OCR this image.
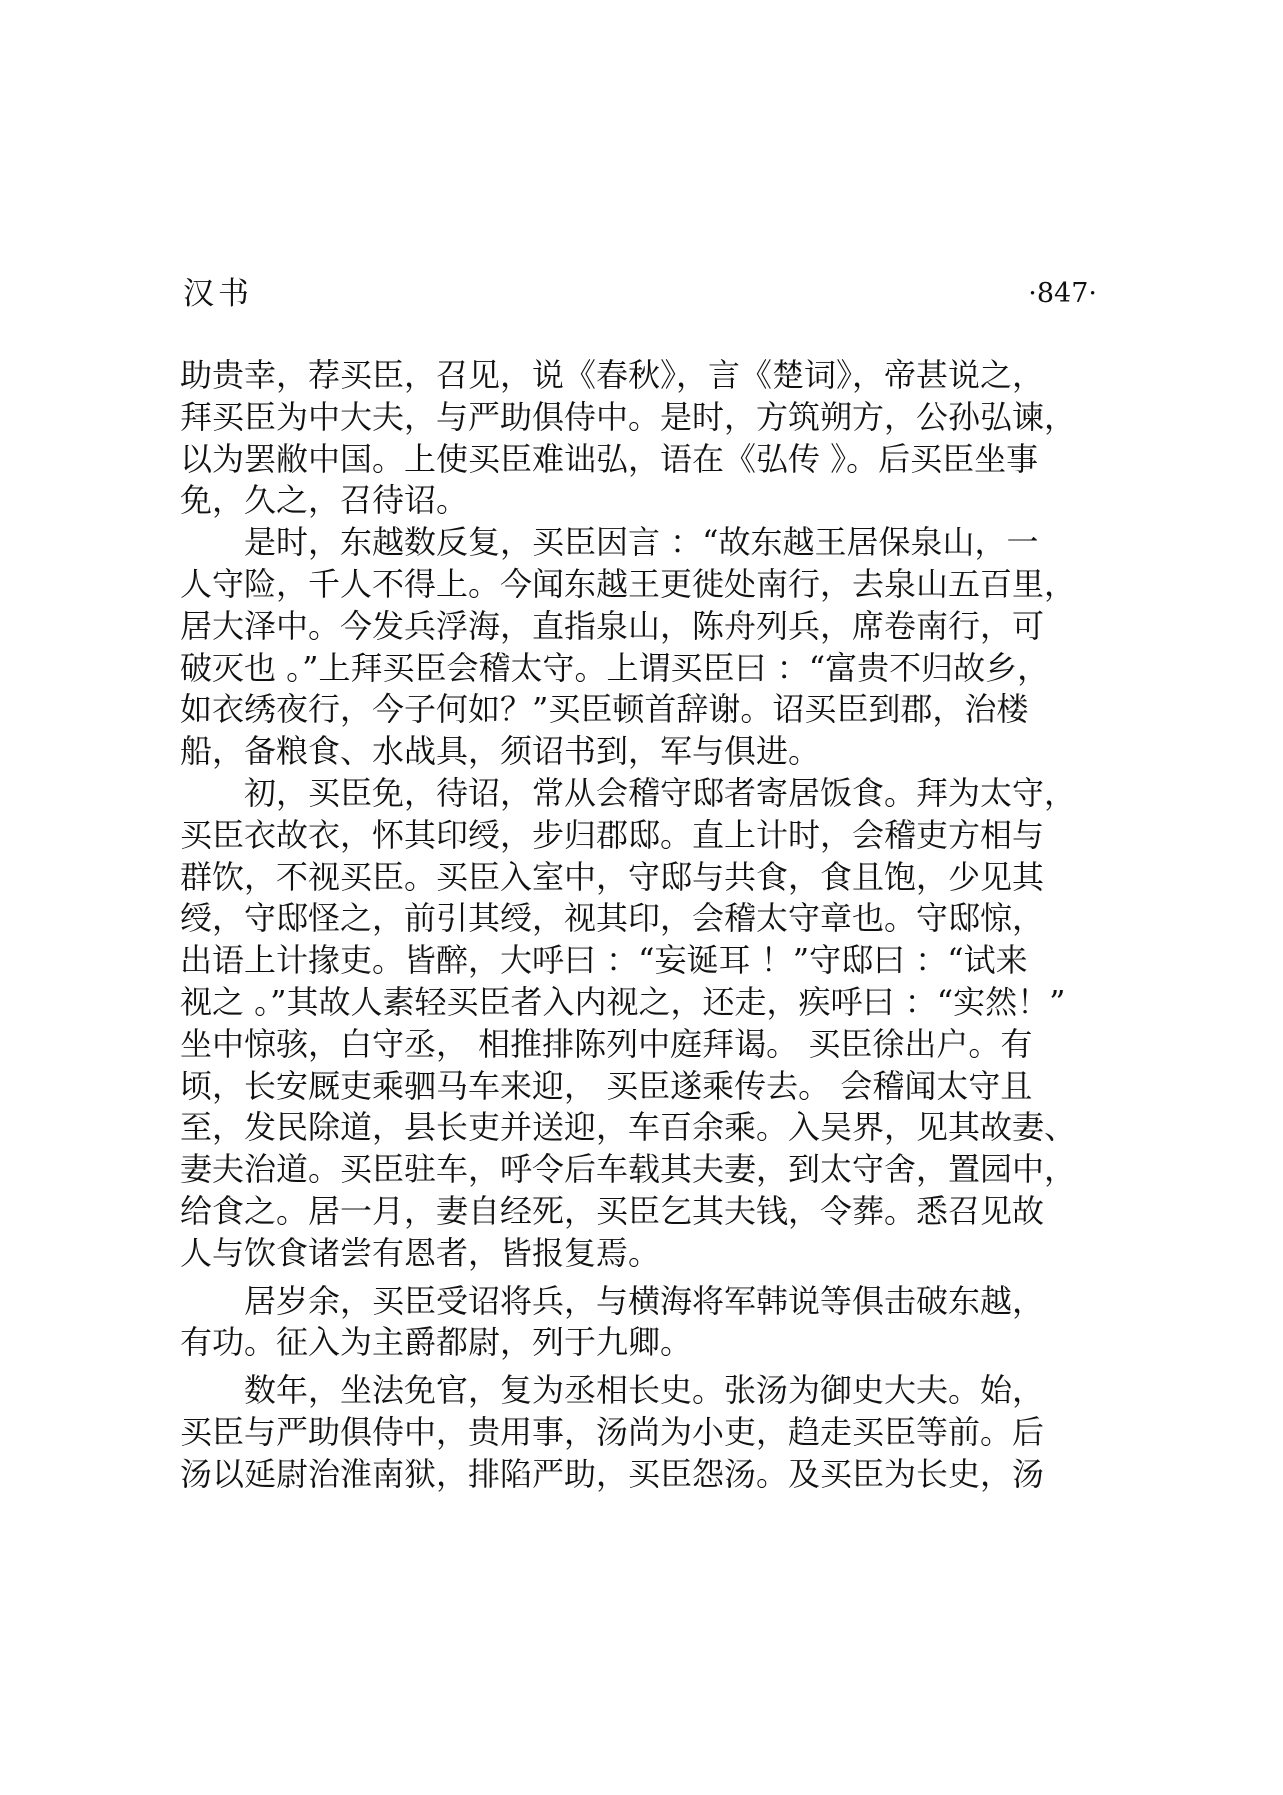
汉书	·847·
助贵幸，荐买臣，召见，说《春秋》，言《楚词》，帝甚说之，
拜买臣为中大夫，与严助俱侍中。是时，方筑朔方，公孙弘谏，
以为罢敝中国。上使买臣难诎弘，语在《弘传 》。后买臣坐事
免，久之，召待诏。
　　是时，东越数反复，买臣因言 ：“故东越王居保泉山，一
人守险，千人不得上。今闻东越王更徙处南行，去泉山五百里，
居大泽中。今发兵浮海，直指泉山，陈舟列兵，席卷南行，可
破灭也 。”上拜买臣会稽太守。上谓买臣曰 ：“富贵不归故乡，
如衣绣夜行，今子何如？”买臣顿首辞谢。诏买臣到郡，治楼
船，备粮食、水战具，须诏书到，军与俱进。
　　初，买臣免，待诏，常从会稽守邸者寄居饭食。拜为太守，
买臣衣故衣，怀其印绶，步归郡邸。直上计时，会稽吏方相与
群饮，不视买臣。买臣入室中，守邸与共食，食且饱，少见其
绶，守邸怪之，前引其绶，视其印，会稽太守章也。守邸惊，
出语上计掾吏。皆醉，大呼曰 ：“妄诞耳 ！”守邸曰 ：“试来
视之 。”其故人素轻买臣者入内视之，还走，疾呼曰 ：“实然！”
坐中惊骇，白守丞， 相推排陈列中庭拜谒。 买臣徐出户。有
顷，长安厩吏乘驷马车来迎， 买臣遂乘传去。 会稽闻太守且
至，发民除道，县长吏并送迎，车百余乘。入吴界，见其故妻、
妻夫治道。买臣驻车，呼令后车载其夫妻，到太守舍，置园中，
给食之。居一月，妻自经死，买臣乞其夫钱，令葬。悉召见故
人与饮食诸尝有恩者，皆报复焉。
　　居岁余，买臣受诏将兵，与横海将军韩说等俱击破东越，
有功。征入为主爵都尉，列于九卿。
　　数年，坐法免官，复为丞相长史。张汤为御史大夫。始，
买臣与严助俱侍中，贵用事，汤尚为小吏，趋走买臣等前。后
汤以延尉治淮南狱，排陷严助，买臣怨汤。及买臣为长史，汤
